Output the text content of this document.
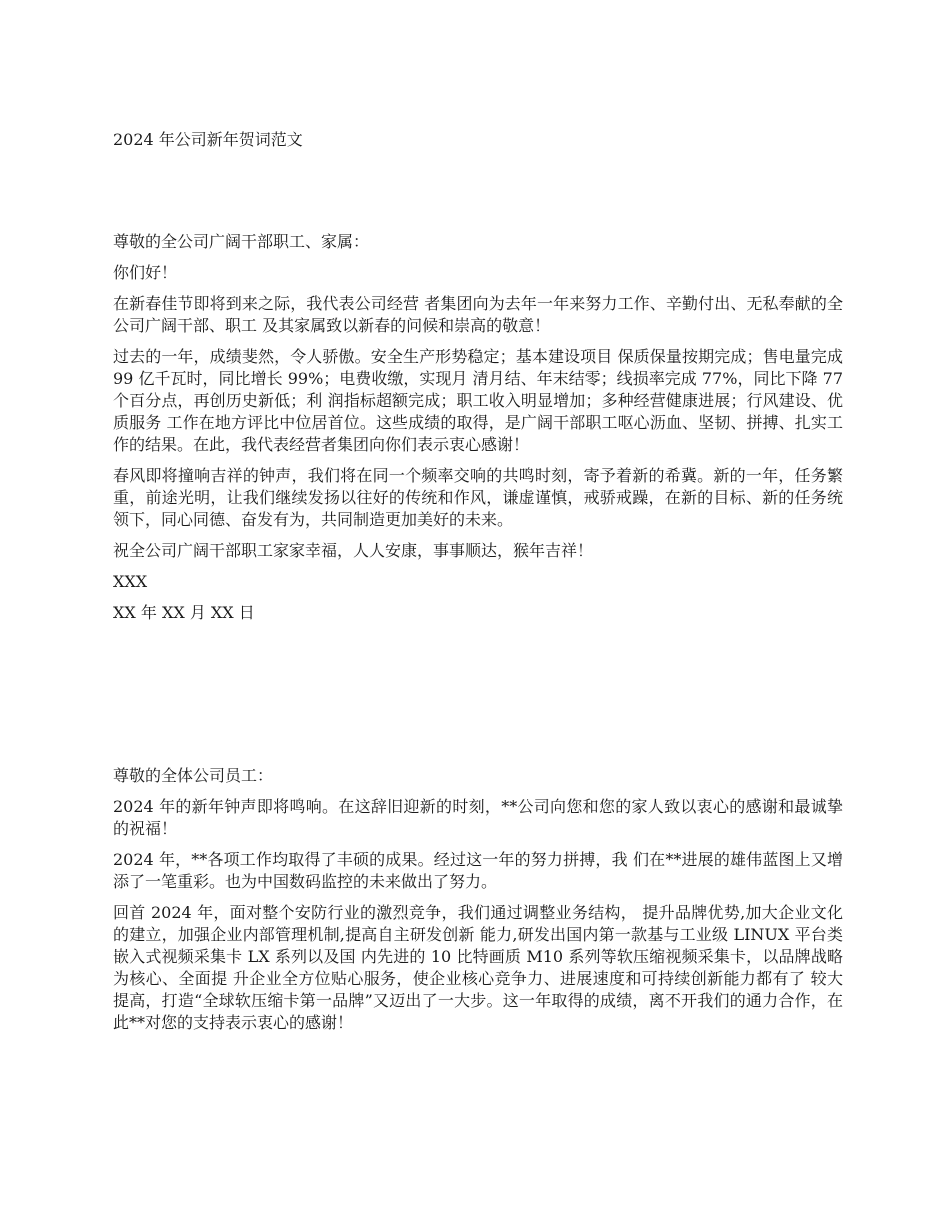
2024 年公司新年贺词范文

尊敬的全公司广阔干部职工、家属：

你们好！

在新春佳节即将到来之际，我代表公司经营 者集团向为去年一年来努力工作、辛勤付出、无私奉献的全公司广阔干部、职工 及其家属致以新春的问候和崇高的敬意！

过去的一年，成绩斐然，令人骄傲。安全生产形势稳定；基本建设项目 保质保量按期完成；售电量完成 99 亿千瓦时，同比增长 99%；电费收缴，实现月 清月结、年末结零；线损率完成 77%，同比下降 77 个百分点，再创历史新低；利 润指标超额完成；职工收入明显增加；多种经营健康进展；行风建设、优质服务 工作在地方评比中位居首位。这些成绩的取得，是广阔干部职工呕心沥血、坚韧、拼搏、扎实工作的结果。在此，我代表经营者集团向你们表示衷心感谢！

春风即将撞响吉祥的钟声，我们将在同一个频率交响的共鸣时刻，寄予着新的希冀。新的一年，任务繁重，前途光明，让我们继续发扬以往好的传统和作风，谦虚谨慎，戒骄戒躁，在新的目标、新的任务统领下，同心同德、奋发有为，共同制造更加美好的未来。

祝全公司广阔干部职工家家幸福，人人安康，事事顺达，猴年吉祥！

XXX

XX 年 XX 月 XX 日

尊敬的全体公司员工：

2024 年的新年钟声即将鸣响。在这辞旧迎新的时刻，**公司向您和您的家人致以衷心的感谢和最诚挚的祝福！

2024 年，**各项工作均取得了丰硕的成果。经过这一年的努力拼搏，我 们在**进展的雄伟蓝图上又增添了一笔重彩。也为中国数码监控的未来做出了努力。

回首 2024 年，面对整个安防行业的激烈竞争，我们通过调整业务结构， 提升品牌优势,加大企业文化的建立，加强企业内部管理机制,提高自主研发创新 能力,研发出国内第一款基与工业级 LINUX 平台类嵌入式视频采集卡 LX 系列以及国 内先进的 10 比特画质 M10 系列等软压缩视频采集卡，以品牌战略为核心、全面提 升企业全方位贴心服务，使企业核心竞争力、进展速度和可持续创新能力都有了 较大提高，打造“全球软压缩卡第一品牌”又迈出了一大步。这一年取得的成绩，离不开我们的通力合作，在此**对您的支持表示衷心的感谢！
